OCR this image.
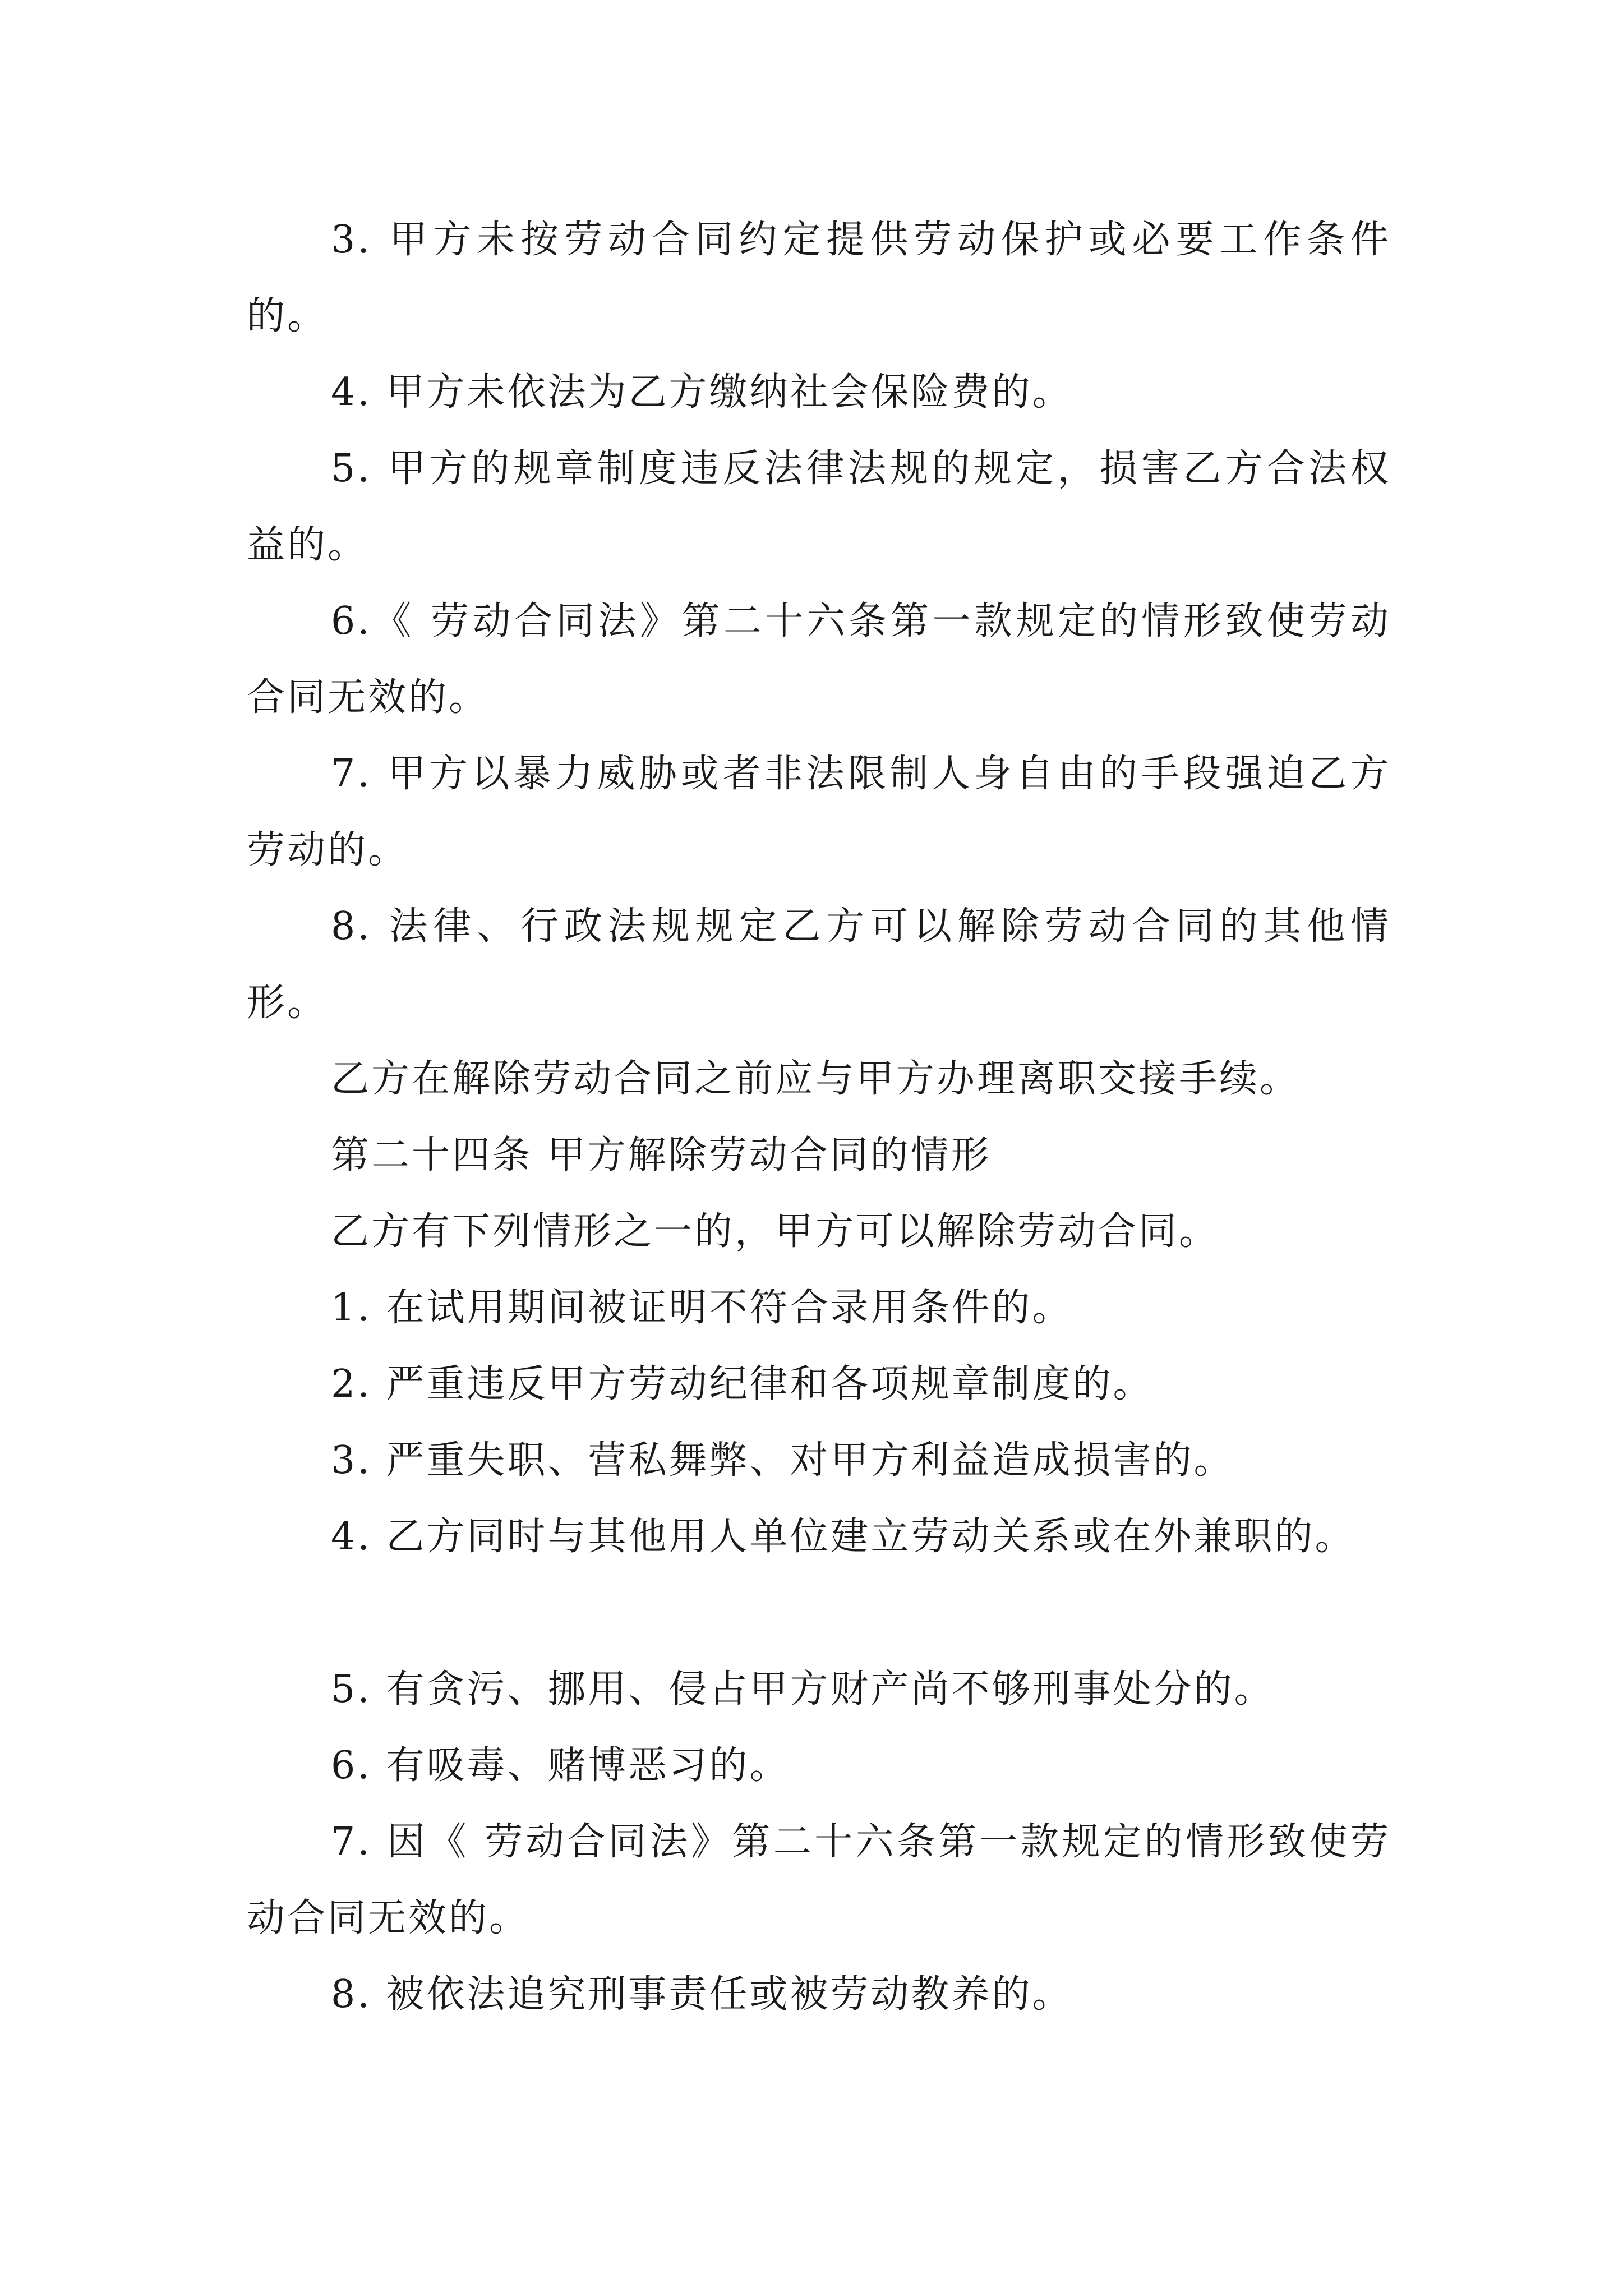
3. 甲方未按劳动合同约定提供劳动保护或必要工作条件的。

4. 甲方未依法为乙方缴纳社会保险费的。

5. 甲方的规章制度违反法律法规的规定，损害乙方合法权益的。

6.《 劳动合同法》第二十六条第一款规定的情形致使劳动合同无效的。

7. 甲方以暴力威胁或者非法限制人身自由的手段强迫乙方劳动的。

8. 法律、行政法规规定乙方可以解除劳动合同的其他情形。

乙方在解除劳动合同之前应与甲方办理离职交接手续。

第二十四条 甲方解除劳动合同的情形

乙方有下列情形之一的，甲方可以解除劳动合同。

1. 在试用期间被证明不符合录用条件的。

2. 严重违反甲方劳动纪律和各项规章制度的。

3. 严重失职、营私舞弊、对甲方利益造成损害的。

4. 乙方同时与其他用人单位建立劳动关系或在外兼职的。

5. 有贪污、挪用、侵占甲方财产尚不够刑事处分的。

6. 有吸毒、赌博恶习的。

7. 因《 劳动合同法》第二十六条第一款规定的情形致使劳动合同无效的。

8. 被依法追究刑事责任或被劳动教养的。
